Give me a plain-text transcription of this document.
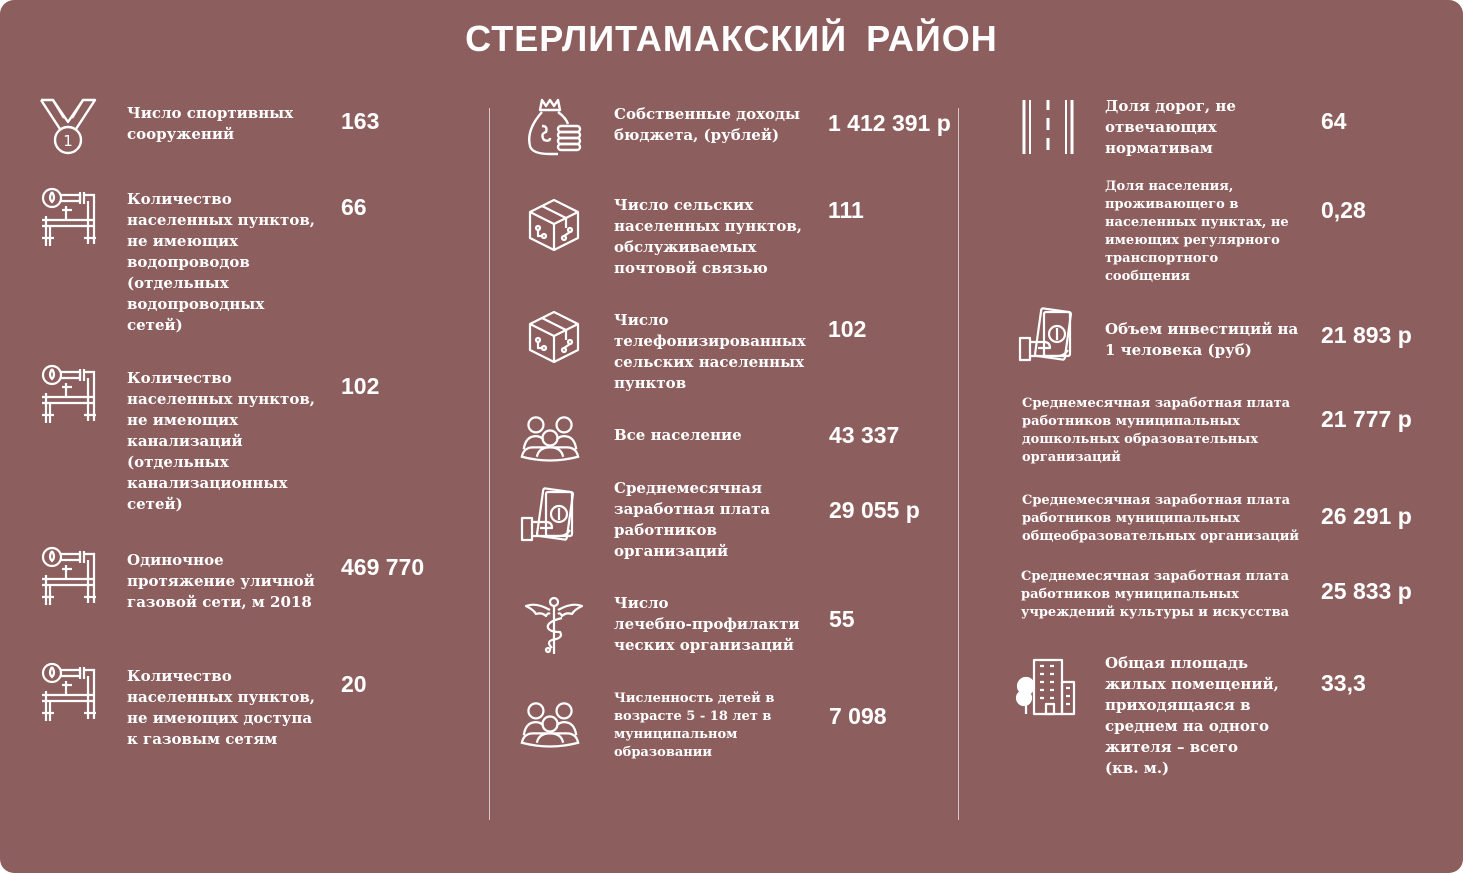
СТЕРЛИТАМАКСКИЙ РАЙОН
1
Число спортивных
сооружений	163
Количество
населенных пунктов,
не имеющих
водопроводов
(отдельных
водопроводных
сетей)
66
Количество
населенных пунктов,
не имеющих
канализаций
(отдельных
канализационных
сетей)
102
Одиночное
протяжение уличной
газовой сети, м 2018
469 770
Количество
населенных пунктов,
не имеющих доступа
к газовым сетям
20
Собственные доходы
бюджета, (рублей)	1 412 391 р
Число сельских
населенных пунктов,
обслуживаемых
почтовой связью
111
Число
телефонизированных
сельских населенных
пунктов
102
Все население	43 337
Среднемесячная
заработная плата
работников
организаций
29 055 р
Число
лечебно-профилакти
ческих организаций
55
Численность детей в
возрасте 5 - 18 лет в
муниципальном
образовании
7 098
Доля дорог, не
отвечающих
нормативам
64
Доля населения,
проживающего в
населенных пунктах, не
имеющих регулярного
транспортного
сообщения
0,28
Объем инвестиций на
1 человека (руб)
21 893 р
Среднемесячная заработная плата
работников муниципальных
дошкольных образовательных
организаций
21 777 р
Среднемесячная заработная плата
работников муниципальных
общеобразовательных организаций
26 291 р
Среднемесячная заработная плата
работников муниципальных
учреждений культуры и искусства
25 833 р
Общая площадь
жилых помещений,
приходящаяся в
среднем на одного
жителя – всего
(кв. м.)
33,3
